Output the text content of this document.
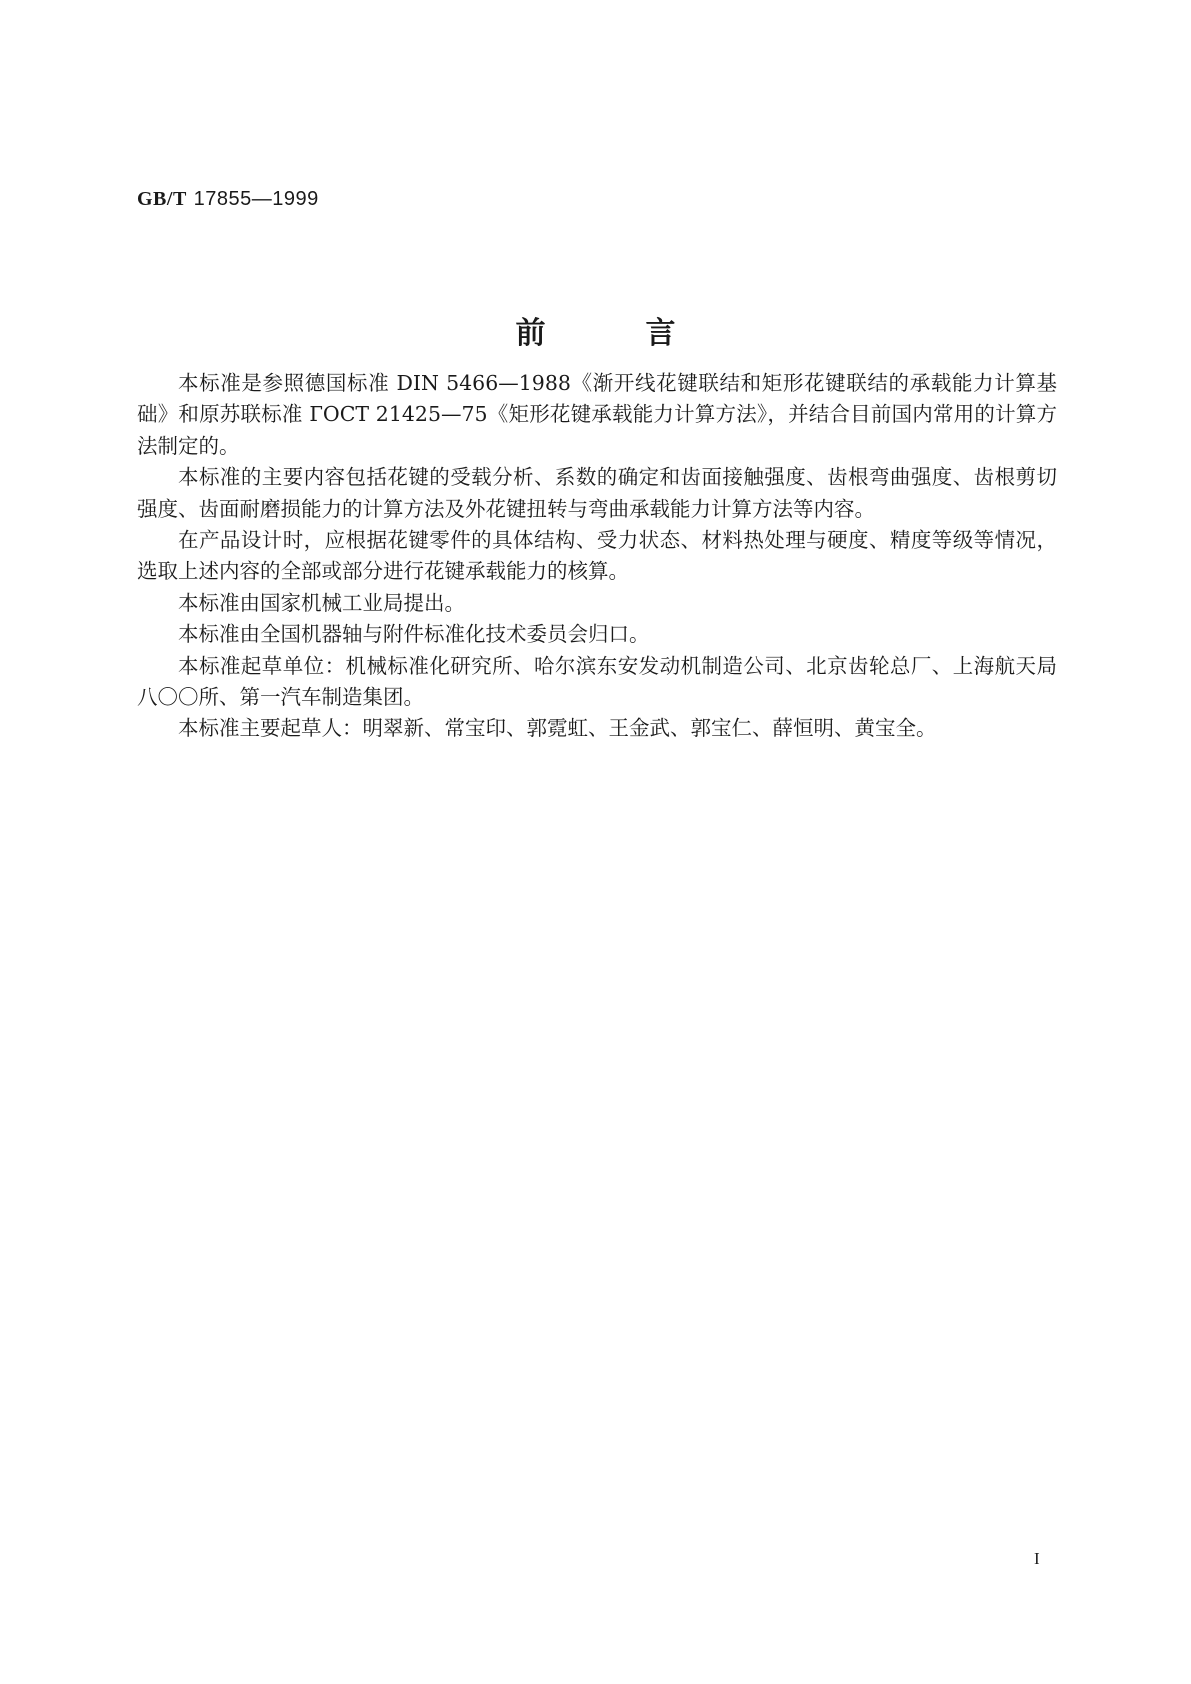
GB/T 17855—1999
前言

本标准是参照德国标准 DIN 5466—1988《渐开线花键联结和矩形花键联结的承载能力计算基础》和原苏联标准 ГОСТ 21425—75《矩形花键承载能力计算方法》，并结合目前国内常用的计算方法制定的。

本标准的主要内容包括花键的受载分析、系数的确定和齿面接触强度、齿根弯曲强度、齿根剪切强度、齿面耐磨损能力的计算方法及外花键扭转与弯曲承载能力计算方法等内容。

在产品设计时，应根据花键零件的具体结构、受力状态、材料热处理与硬度、精度等级等情况，选取上述内容的全部或部分进行花键承载能力的核算。

本标准由国家机械工业局提出。

本标准由全国机器轴与附件标准化技术委员会归口。

本标准起草单位：机械标准化研究所、哈尔滨东安发动机制造公司、北京齿轮总厂、上海航天局八〇〇所、第一汽车制造集团。

本标准主要起草人：明翠新、常宝印、郭霓虹、王金武、郭宝仁、薛恒明、黄宝全。

I
